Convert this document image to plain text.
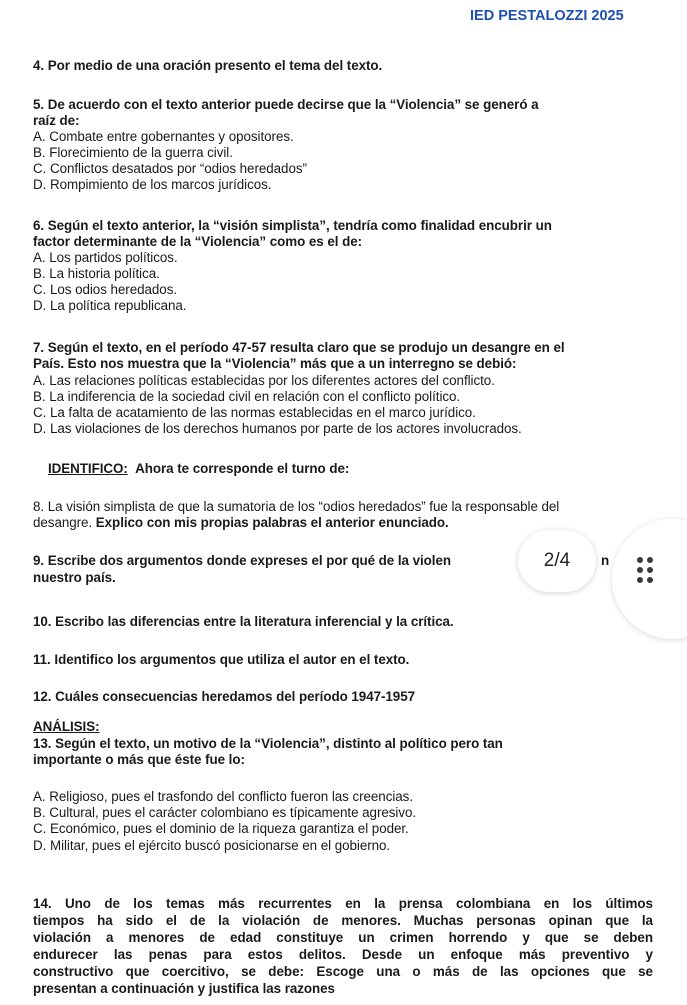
IED PESTALOZZI 2025
4. Por medio de una oración presento el tema del texto.
5. De acuerdo con el texto anterior puede decirse que la “Violencia” se generó a
raíz de:
A. Combate entre gobernantes y opositores.
B. Florecimiento de la guerra civil.
C. Conflictos desatados por “odios heredados”
D. Rompimiento de los marcos jurídicos.
6. Según el texto anterior, la “visión simplista”, tendría como finalidad encubrir un
factor determinante de la “Violencia” como es el de:
A. Los partidos políticos.
B. La historia política.
C. Los odios heredados.
D. La política republicana.
7. Según el texto, en el período 47-57 resulta claro que se produjo un desangre en el
País. Esto nos muestra que la “Violencia” más que a un interregno se debió:
A. Las relaciones políticas establecidas por los diferentes actores del conflicto.
B. La indiferencia de la sociedad civil en relación con el conflicto político.
C. La falta de acatamiento de las normas establecidas en el marco jurídico.
D. Las violaciones de los derechos humanos por parte de los actores involucrados.
IDENTIFICO: Ahora te corresponde el turno de:
8. La visión simplista de que la sumatoria de los “odios heredados” fue la responsable del
desangre. Explico con mis propias palabras el anterior enunciado.
9. Escribe dos argumentos donde expreses el por qué de la violen	n
nuestro país.
2/4
10. Escribo las diferencias entre la literatura inferencial y la crítica.
11. Identifico los argumentos que utiliza el autor en el texto.
12. Cuáles consecuencias heredamos del período 1947-1957
ANÁLISIS:
13. Según el texto, un motivo de la “Violencia”, distinto al político pero tan
importante o más que éste fue lo:
A. Religioso, pues el trasfondo del conflicto fueron las creencias.
B. Cultural, pues el carácter colombiano es típicamente agresivo.
C. Económico, pues el dominio de la riqueza garantiza el poder.
D. Militar, pues el ejército buscó posicionarse en el gobierno.
14. Uno de los temas más recurrentes en la prensa colombiana en los últimos
tiempos ha sido el de la violación de menores. Muchas personas opinan que la
violación a menores de edad constituye un crimen horrendo y que se deben
endurecer las penas para estos delitos. Desde un enfoque más preventivo y
constructivo que coercitivo, se debe: Escoge una o más de las opciones que se
presentan a continuación y justifica las razones
